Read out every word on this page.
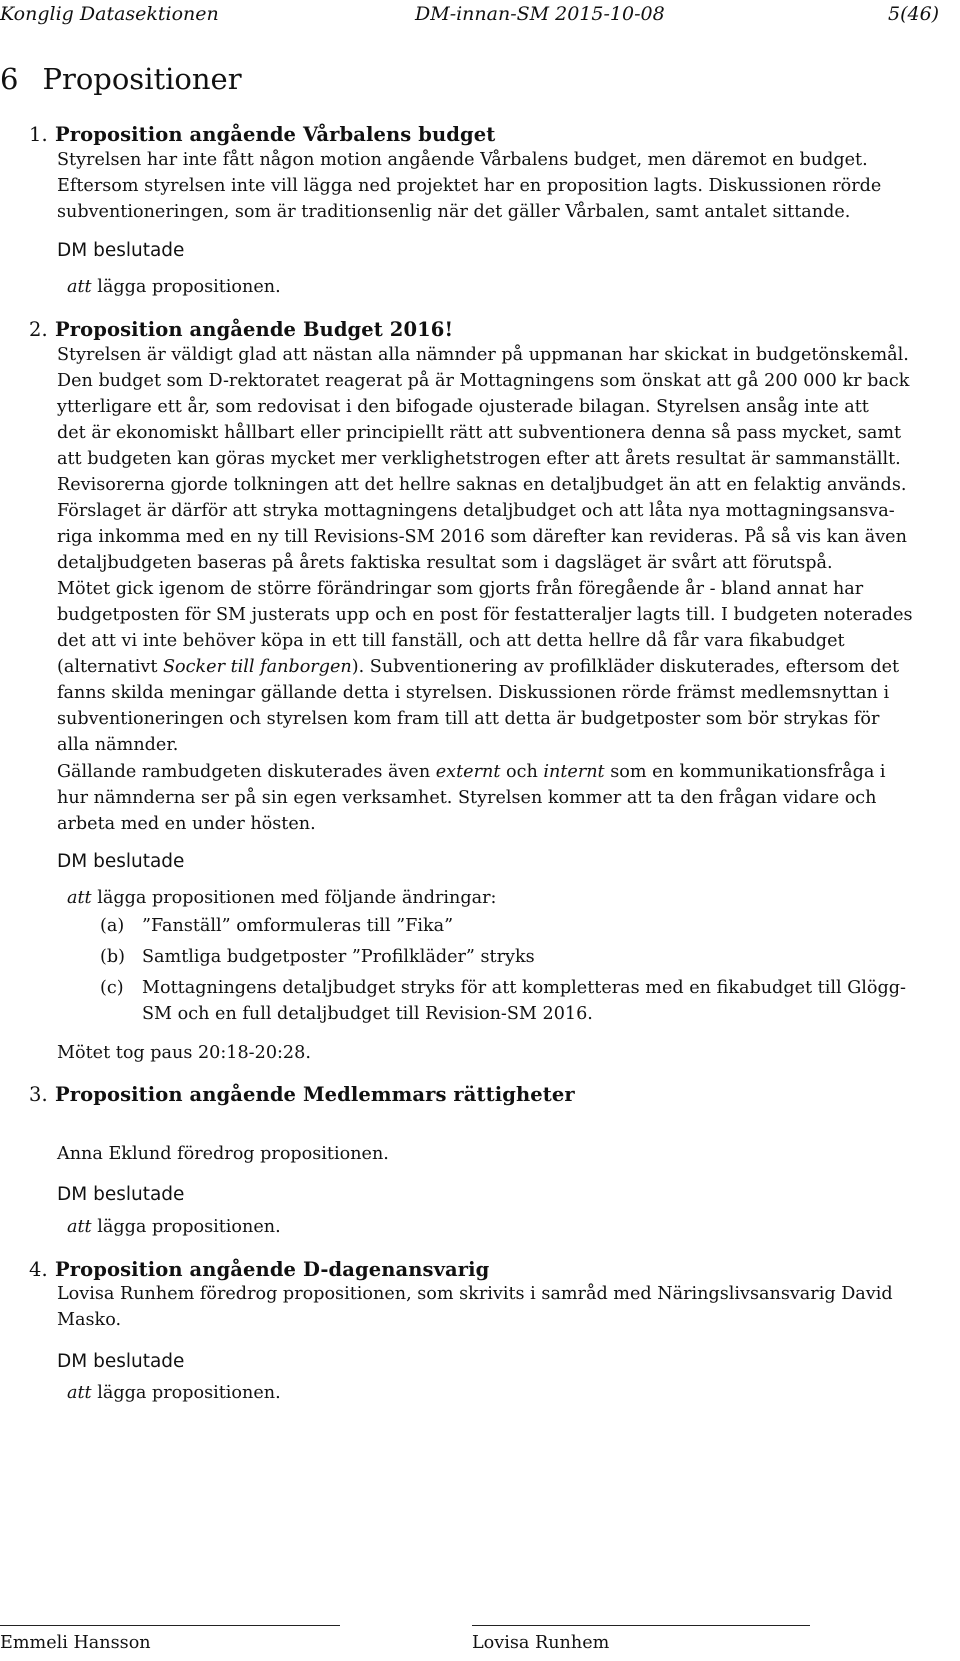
Konglig Datasektionen	DM-innan-SM 2015-10-08	5(46)
6 Propositioner
1. Proposition angående Vårbalens budget
Styrelsen har inte fått någon motion angående Vårbalens budget, men däremot en budget.
Eftersom styrelsen inte vill lägga ned projektet har en proposition lagts. Diskussionen rörde
subventioneringen, som är traditionsenlig när det gäller Vårbalen, samt antalet sittande.
DM beslutade
att lägga propositionen.
2. Proposition angående Budget 2016!
Styrelsen är väldigt glad att nästan alla nämnder på uppmanan har skickat in budgetönskemål.
Den budget som D-rektoratet reagerat på är Mottagningens som önskat att gå 200 000 kr back
ytterligare ett år, som redovisat i den bifogade ojusterade bilagan. Styrelsen ansåg inte att
det är ekonomiskt hållbart eller principiellt rätt att subventionera denna så pass mycket, samt
att budgeten kan göras mycket mer verklighetstrogen efter att årets resultat är sammanställt.
Revisorerna gjorde tolkningen att det hellre saknas en detaljbudget än att en felaktig används.
Förslaget är därför att stryka mottagningens detaljbudget och att låta nya mottagningsansva-
riga inkomma med en ny till Revisions-SM 2016 som därefter kan revideras. På så vis kan även
detaljbudgeten baseras på årets faktiska resultat som i dagsläget är svårt att förutspå.
Mötet gick igenom de större förändringar som gjorts från föregående år - bland annat har
budgetposten för SM justerats upp och en post för festatteraljer lagts till. I budgeten noterades
det att vi inte behöver köpa in ett till fanställ, och att detta hellre då får vara fikabudget
(alternativt Socker till fanborgen). Subventionering av profilkläder diskuterades, eftersom det
fanns skilda meningar gällande detta i styrelsen. Diskussionen rörde främst medlemsnyttan i
subventioneringen och styrelsen kom fram till att detta är budgetposter som bör strykas för
alla nämnder.
Gällande rambudgeten diskuterades även externt och internt som en kommunikationsfråga i
hur nämnderna ser på sin egen verksamhet. Styrelsen kommer att ta den frågan vidare och
arbeta med en under hösten.
DM beslutade
att lägga propositionen med följande ändringar:
(a) ”Fanställ” omformuleras till ”Fika”
(b) Samtliga budgetposter ”Profilkläder” stryks
(c) Mottagningens detaljbudget stryks för att kompletteras med en fikabudget till Glögg-
SM och en full detaljbudget till Revision-SM 2016.
Mötet tog paus 20:18-20:28.
3. Proposition angående Medlemmars rättigheter
Anna Eklund föredrog propositionen.
DM beslutade
att lägga propositionen.
4. Proposition angående D-dagenansvarig
Lovisa Runhem föredrog propositionen, som skrivits i samråd med Näringslivsansvarig David
Masko.
DM beslutade
att lägga propositionen.
Emmeli Hansson	Lovisa Runhem
